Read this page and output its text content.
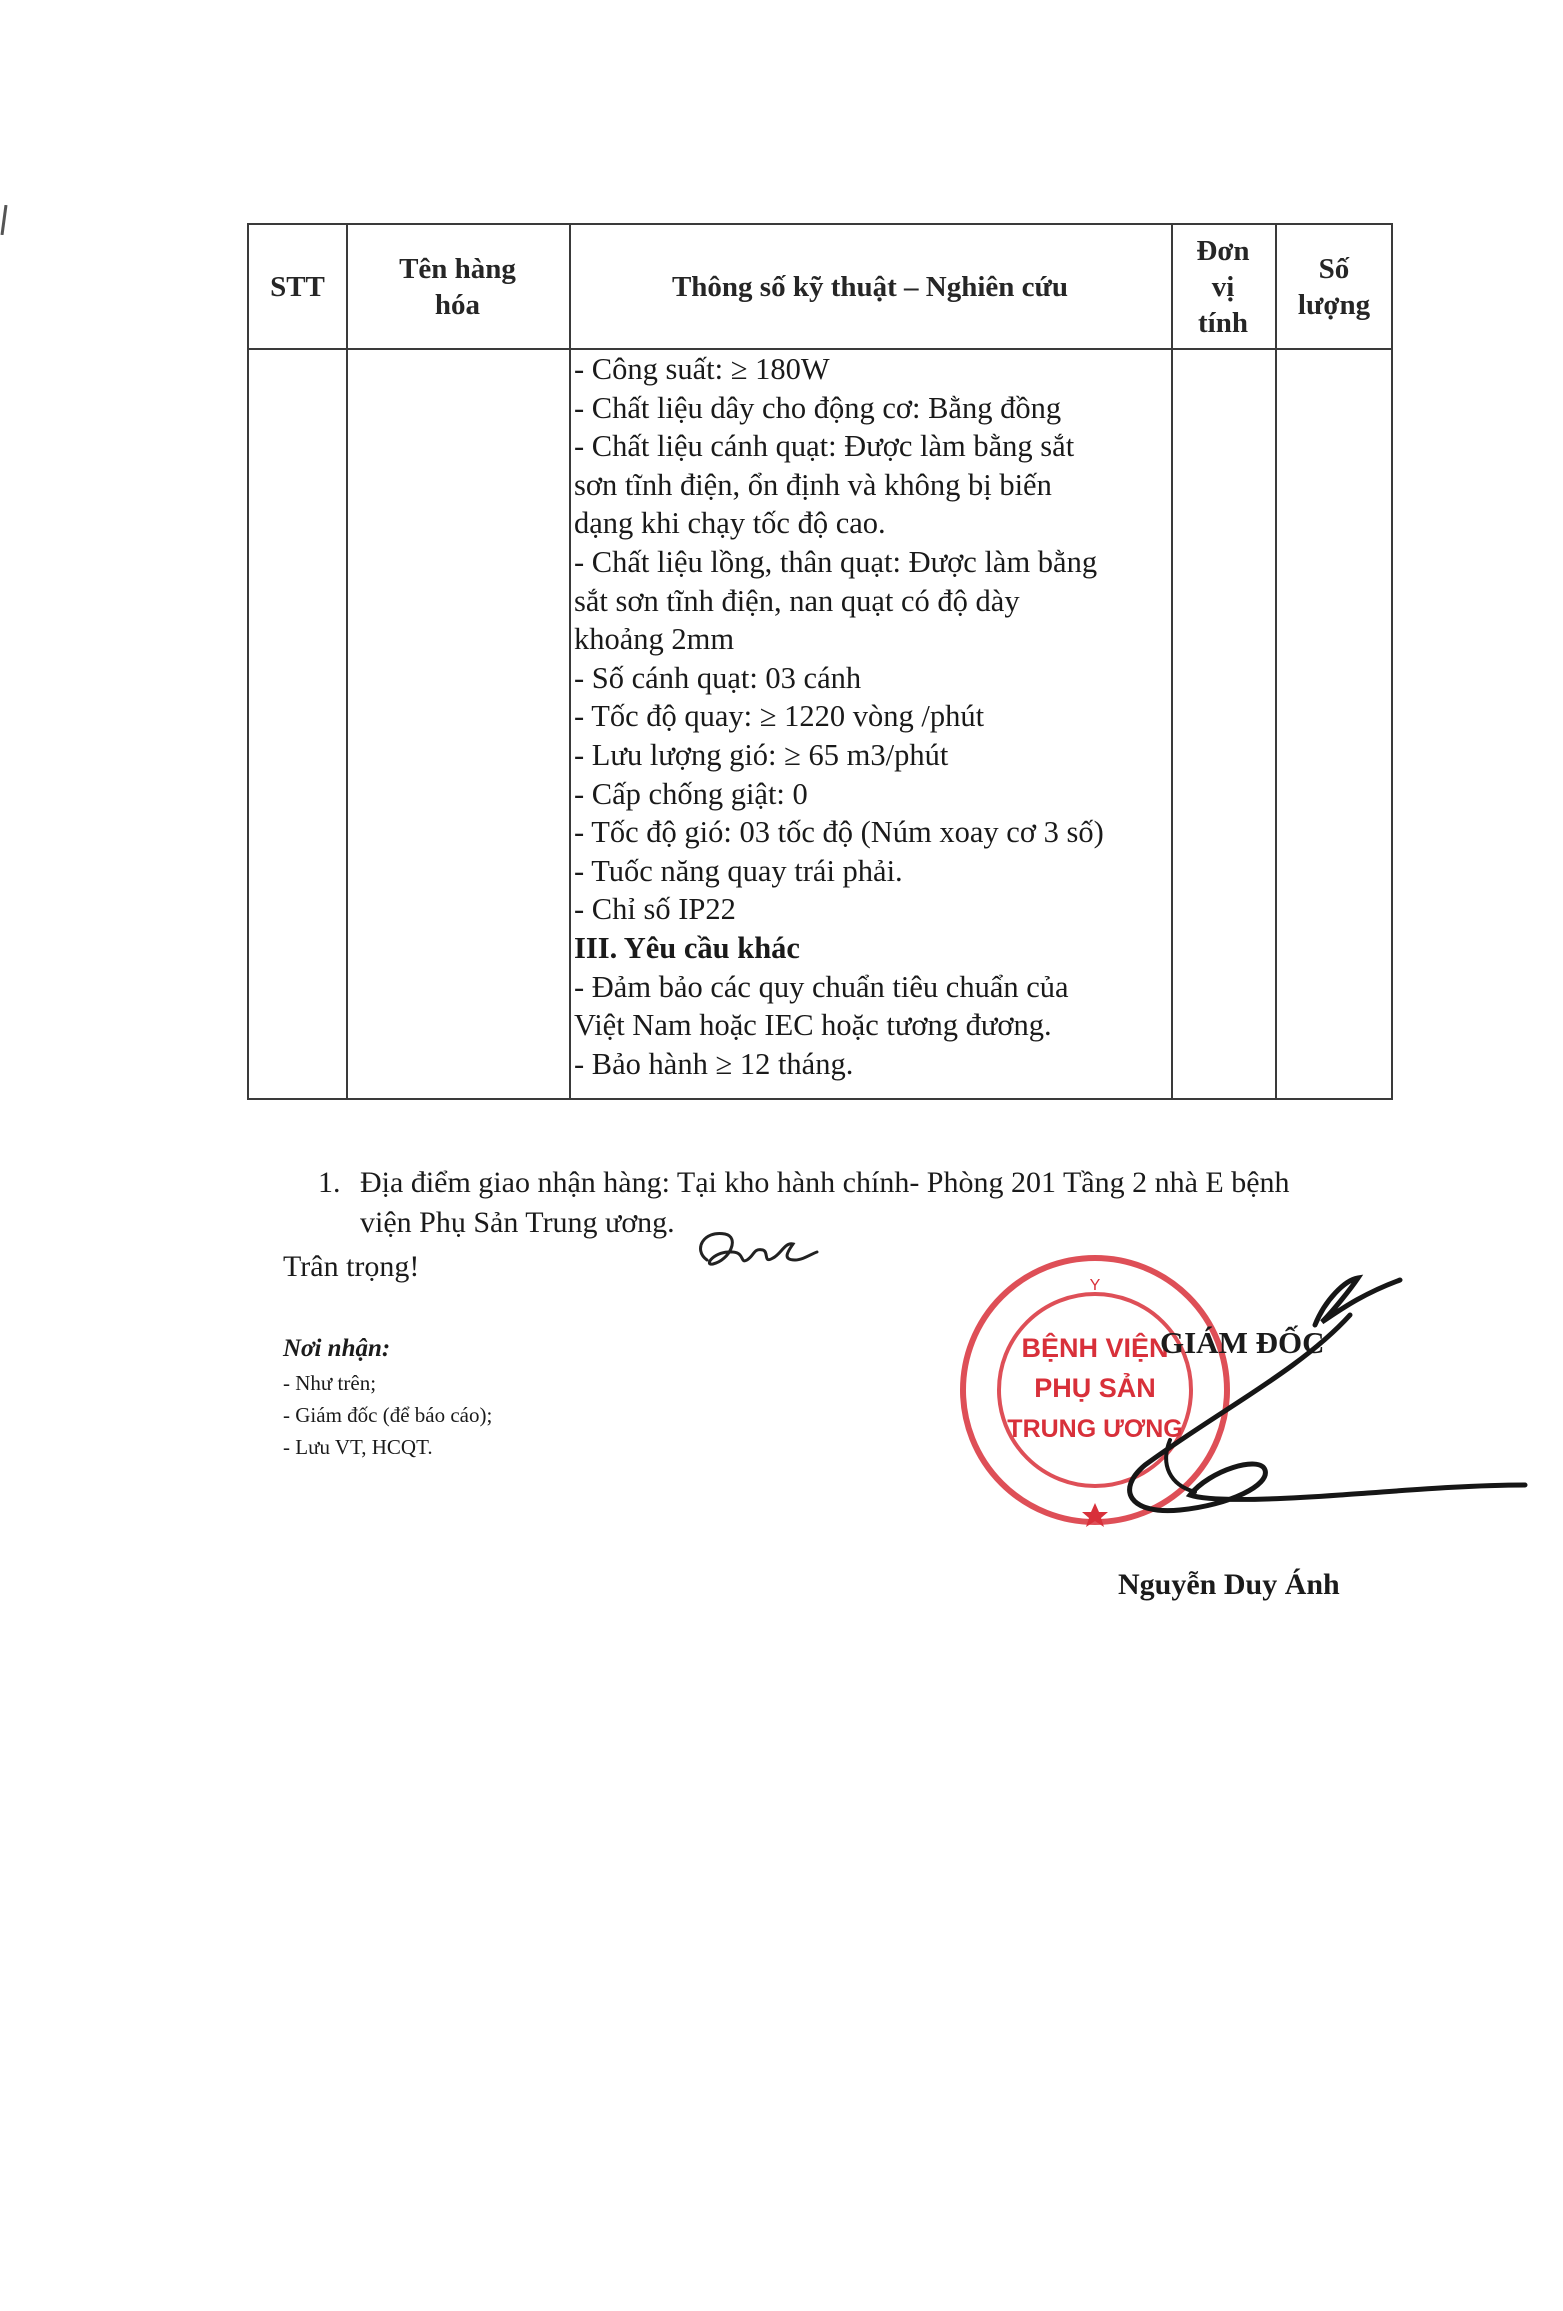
STT
Tên hàng
hóa
Thông số kỹ thuật – Nghiên cứu
Đơn
vị
tính
Số
lượng
- Công suất: ≥ 180W
- Chất liệu dây cho động cơ: Bằng đồng
- Chất liệu cánh quạt: Được làm bằng sắt
sơn tĩnh điện, ổn định và không bị biến
dạng khi chạy tốc độ cao.
- Chất liệu lồng, thân quạt: Được làm bằng
sắt sơn tĩnh điện, nan quạt có độ dày
khoảng 2mm
- Số cánh quạt: 03 cánh
- Tốc độ quay: ≥ 1220 vòng /phút
- Lưu lượng gió: ≥ 65 m3/phút
- Cấp chống giật: 0
- Tốc độ gió: 03 tốc độ (Núm xoay cơ 3 số)
- Tuốc năng quay trái phải.
- Chỉ số IP22
III. Yêu cầu khác
- Đảm bảo các quy chuẩn tiêu chuẩn của
Việt Nam hoặc IEC hoặc tương đương.
- Bảo hành ≥ 12 tháng.
1. Địa điểm giao nhận hàng: Tại kho hành chính- Phòng 201 Tầng 2 nhà E bệnh
viện Phụ Sản Trung ương.
Trân trọng!
Nơi nhận:
- Như trên;
- Giám đốc (để báo cáo);
- Lưu VT, HCQT.
Y
BỆNH VIỆN
PHỤ SẢN
TRUNG ƯƠNG
GIÁM ĐỐC
Nguyễn Duy Ánh
